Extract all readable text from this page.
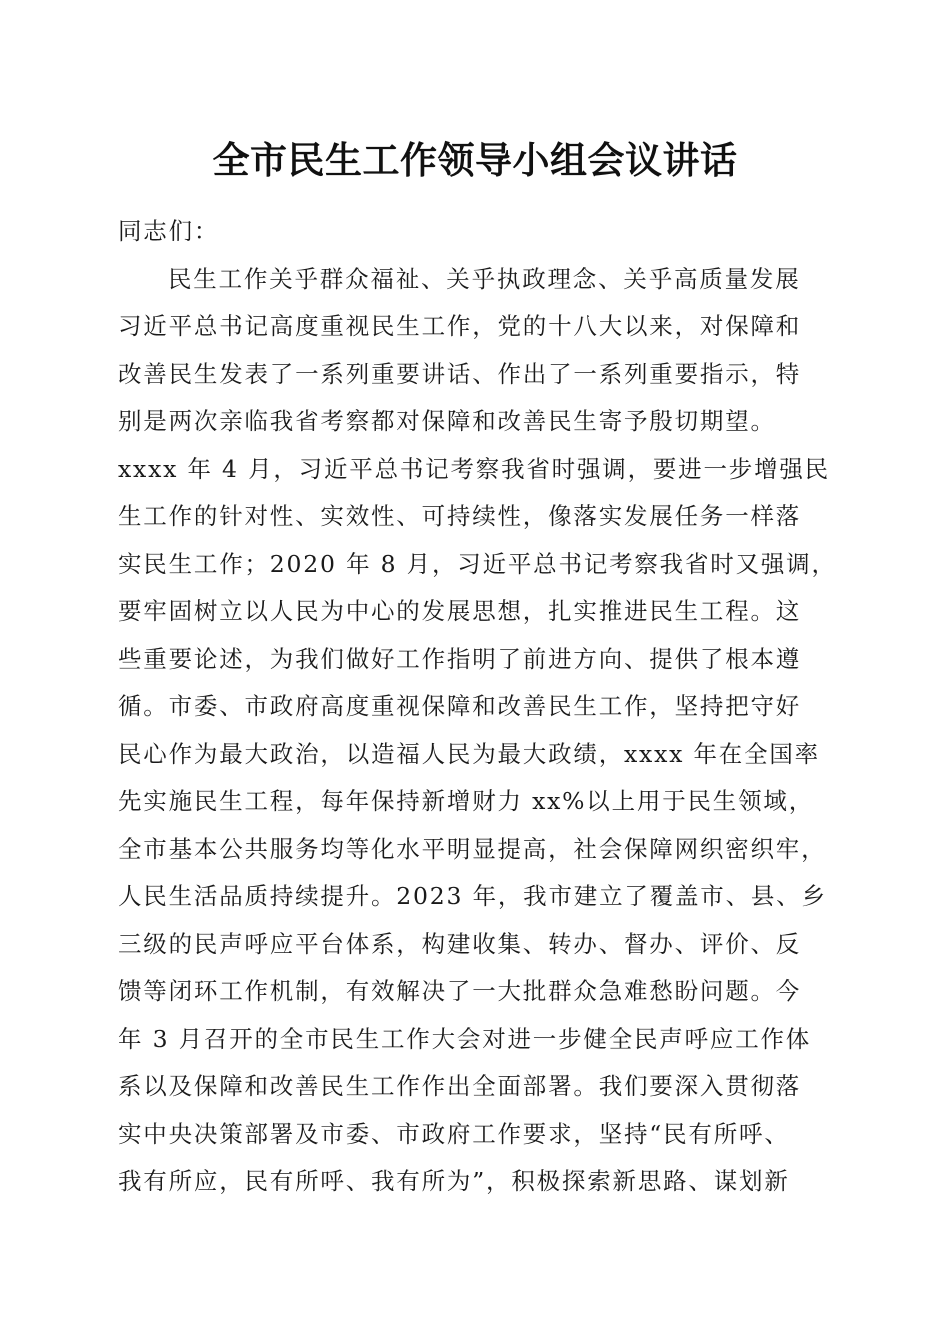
全市民生工作领导小组会议讲话
同志们：
民生工作关乎群众福祉、关乎执政理念、关乎高质量发展
习近平总书记高度重视民生工作，党的十八大以来，对保障和
改善民生发表了一系列重要讲话、作出了一系列重要指示，特
别是两次亲临我省考察都对保障和改善民生寄予殷切期望。
xxxx 年 4 月，习近平总书记考察我省时强调，要进一步增强民
生工作的针对性、实效性、可持续性，像落实发展任务一样落
实民生工作；2020 年 8 月，习近平总书记考察我省时又强调，
要牢固树立以人民为中心的发展思想，扎实推进民生工程。这
些重要论述，为我们做好工作指明了前进方向、提供了根本遵
循。市委、市政府高度重视保障和改善民生工作，坚持把守好
民心作为最大政治，以造福人民为最大政绩，xxxx 年在全国率
先实施民生工程，每年保持新增财力 xx%以上用于民生领域，
全市基本公共服务均等化水平明显提高，社会保障网织密织牢，
人民生活品质持续提升。2023 年，我市建立了覆盖市、县、乡
三级的民声呼应平台体系，构建收集、转办、督办、评价、反
馈等闭环工作机制，有效解决了一大批群众急难愁盼问题。今
年 3 月召开的全市民生工作大会对进一步健全民声呼应工作体
系以及保障和改善民生工作作出全面部署。我们要深入贯彻落
实中央决策部署及市委、市政府工作要求，坚持“民有所呼、
我有所应，民有所呼、我有所为”，积极探索新思路、谋划新
